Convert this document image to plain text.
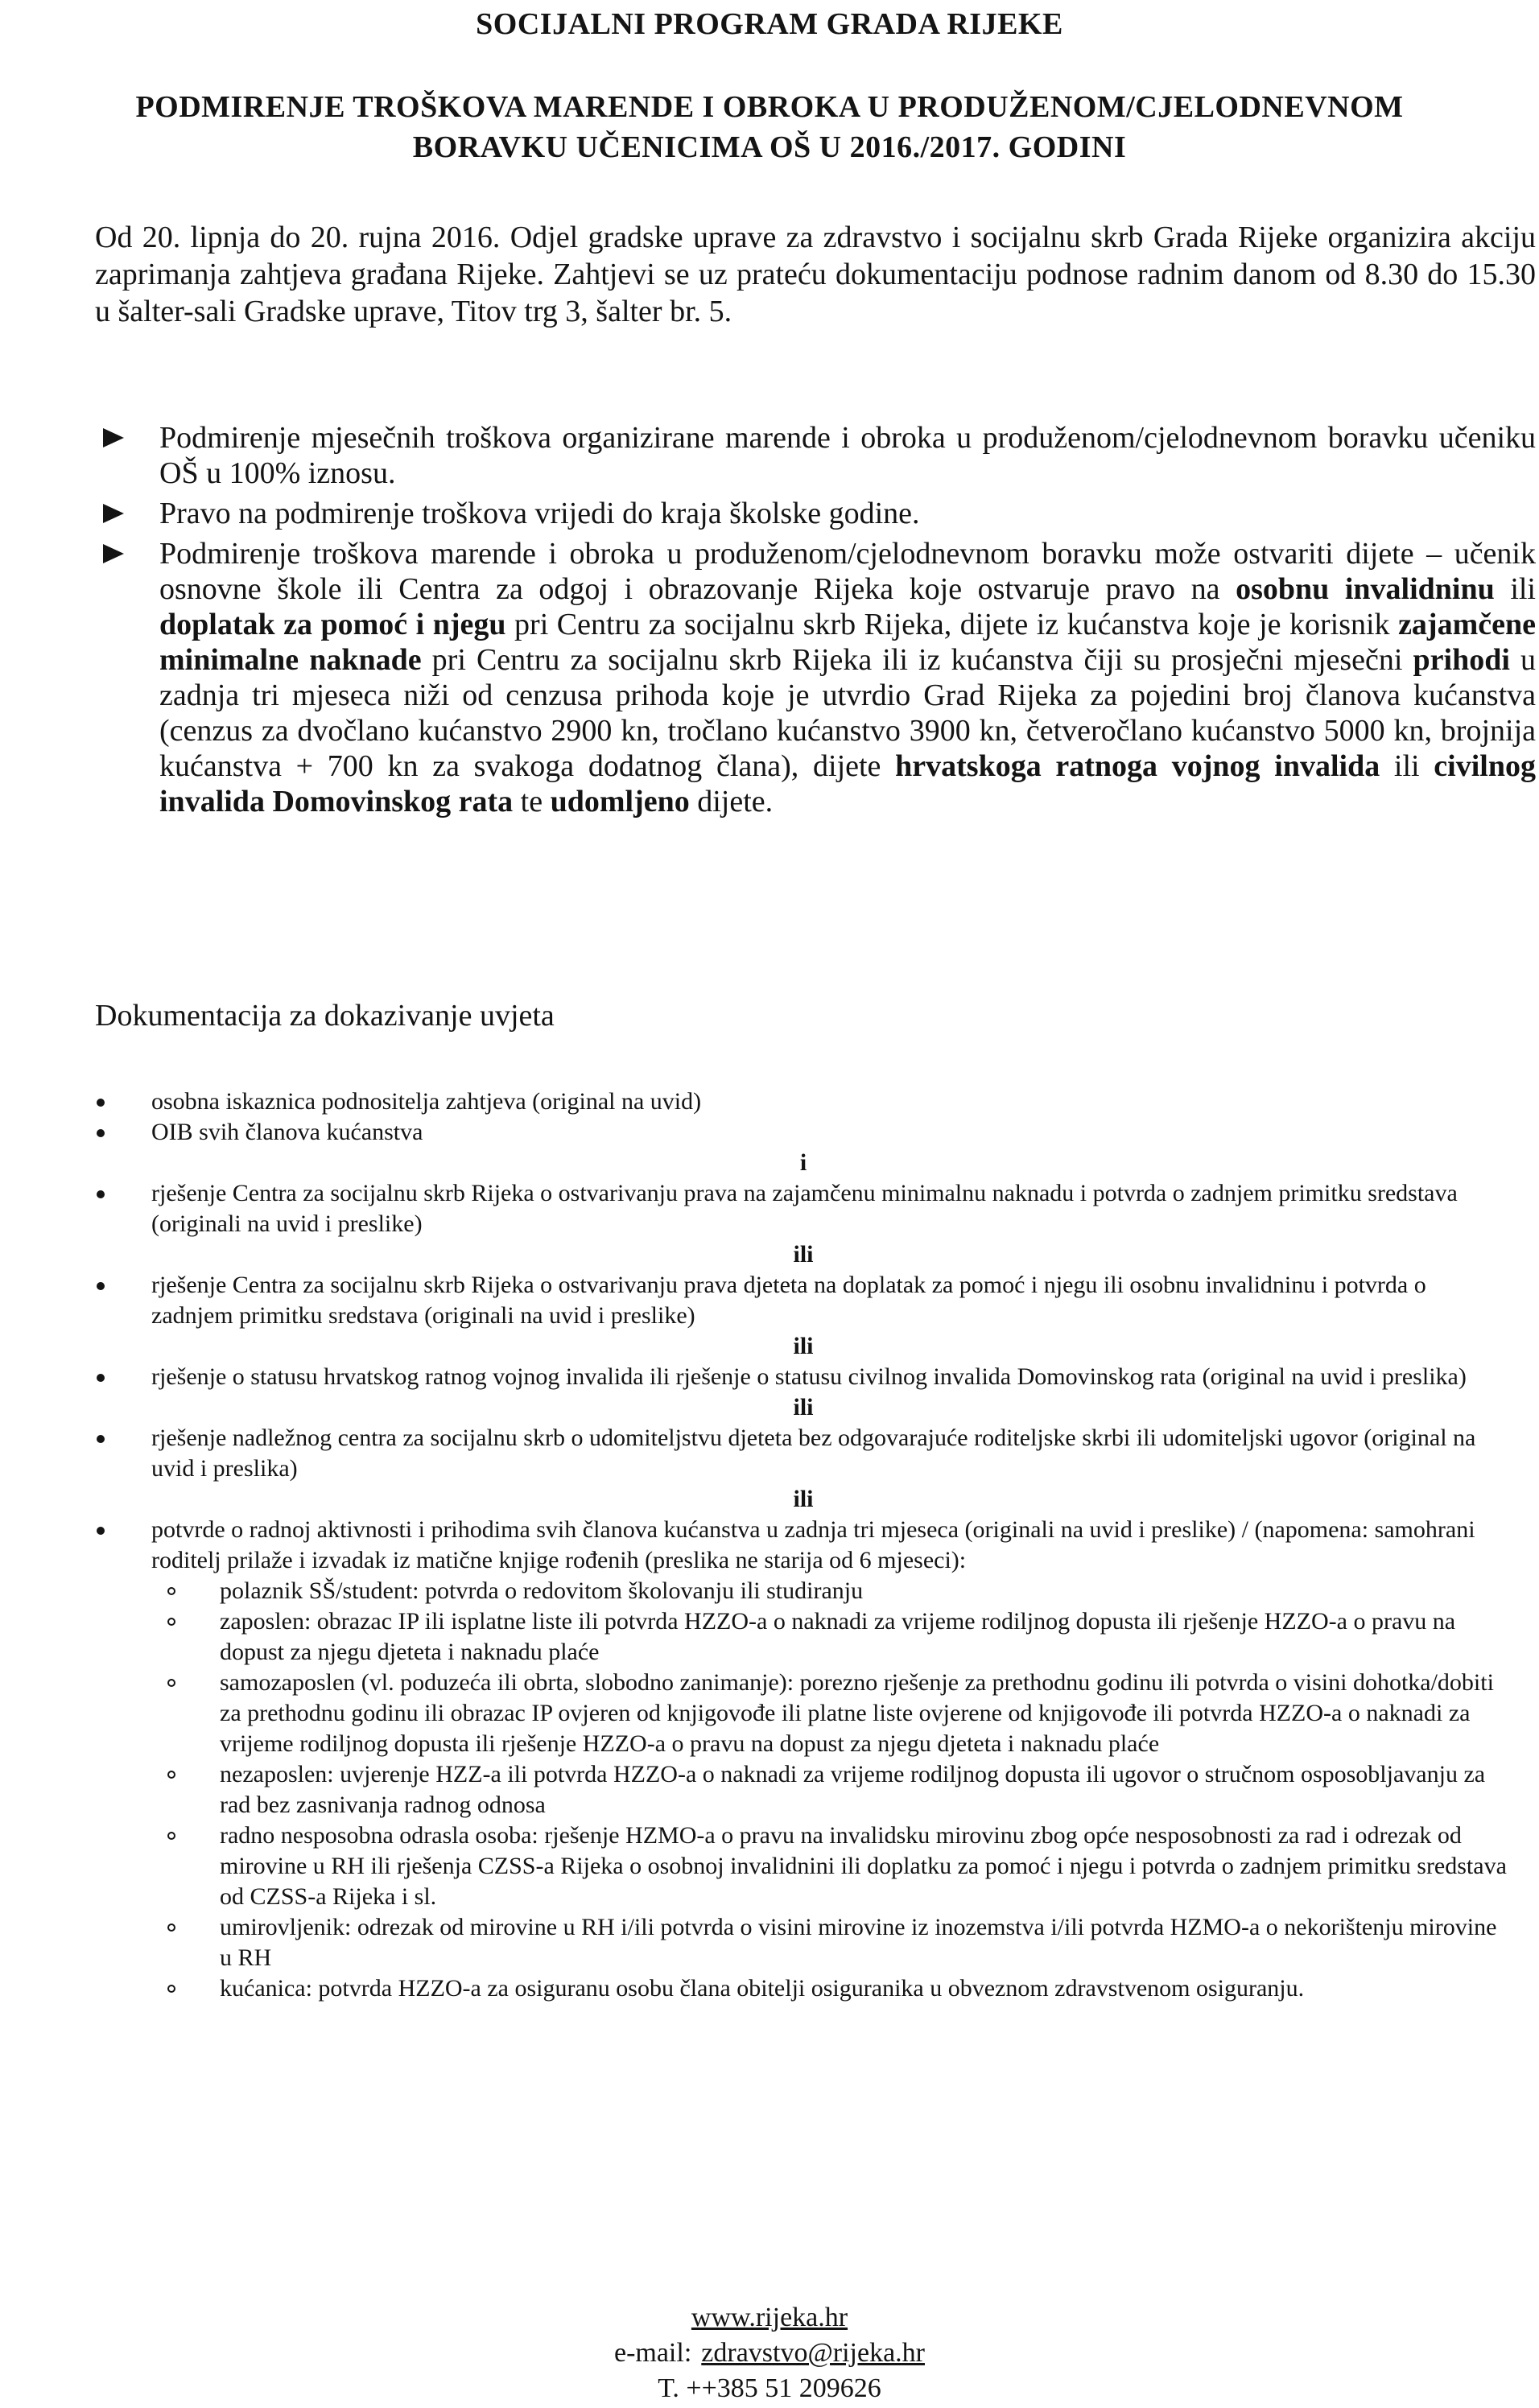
SOCIJALNI PROGRAM GRADA RIJEKE
PODMIRENJE TROŠKOVA MARENDE I OBROKA U PRODUŽENOM/CJELODNEVNOM
BORAVKU UČENICIMA OŠ U 2016./2017. GODINI
Od 20. lipnja do 20. rujna 2016. Odjel gradske uprave za zdravstvo i socijalnu skrb Grada Rijeke organizira akciju zaprimanja zahtjeva građana Rijeke. Zahtjevi se uz prateću dokumentaciju podnose radnim danom od 8.30 do 15.30 u šalter-sali Gradske uprave, Titov trg 3, šalter br. 5.
Podmirenje mjesečnih troškova organizirane marende i obroka u produženom/cjelodnevnom boravku učeniku OŠ u 100% iznosu.
Pravo na podmirenje troškova vrijedi do kraja školske godine.
Podmirenje troškova marende i obroka u produženom/cjelodnevnom boravku može ostvariti dijete – učenik osnovne škole ili Centra za odgoj i obrazovanje Rijeka koje ostvaruje pravo na osobnu invalidninu ili doplatak za pomoć i njegu pri Centru za socijalnu skrb Rijeka, dijete iz kućanstva koje je korisnik zajamčene minimalne naknade pri Centru za socijalnu skrb Rijeka ili iz kućanstva čiji su prosječni mjesečni prihodi u zadnja tri mjeseca niži od cenzusa prihoda koje je utvrdio Grad Rijeka za pojedini broj članova kućanstva (cenzus za dvočlano kućanstvo 2900 kn, tročlano kućanstvo 3900 kn, četveročlano kućanstvo 5000 kn, brojnija kućanstva + 700 kn za svakoga dodatnog člana), dijete hrvatskoga ratnoga vojnog invalida ili civilnog invalida Domovinskog rata te udomljeno dijete.
Dokumentacija za dokazivanje uvjeta
osobna iskaznica podnositelja zahtjeva (original na uvid)
OIB svih članova kućanstva
i
rješenje Centra za socijalnu skrb Rijeka o ostvarivanju prava na zajamčenu minimalnu naknadu i potvrda o zadnjem primitku sredstava (originali na uvid i preslike)
ili
rješenje Centra za socijalnu skrb Rijeka o ostvarivanju prava djeteta na doplatak za pomoć i njegu ili osobnu invalidninu i potvrda o zadnjem primitku sredstava (originali na uvid i preslike)
ili
rješenje o statusu hrvatskog ratnog vojnog invalida ili rješenje o statusu civilnog invalida Domovinskog rata (original na uvid i preslika)
ili
rješenje nadležnog centra za socijalnu skrb o udomiteljstvu djeteta bez odgovarajuće roditeljske skrbi ili udomiteljski ugovor (original na uvid i preslika)
ili
potvrde o radnoj aktivnosti i prihodima svih članova kućanstva u zadnja tri mjeseca (originali na uvid i preslike) / (napomena: samohrani roditelj prilaže i izvadak iz matične knjige rođenih (preslika ne starija od 6 mjeseci):
polaznik SŠ/student: potvrda o redovitom školovanju ili studiranju
zaposlen: obrazac IP ili isplatne liste ili potvrda HZZO-a o naknadi za vrijeme rodiljnog dopusta ili rješenje HZZO-a o pravu na dopust za njegu djeteta i naknadu plaće
samozaposlen (vl. poduzeća ili obrta, slobodno zanimanje): porezno rješenje za prethodnu godinu ili potvrda o visini dohotka/dobiti za prethodnu godinu ili obrazac IP ovjeren od knjigovođe ili platne liste ovjerene od knjigovođe ili potvrda HZZO-a o naknadi za vrijeme rodiljnog dopusta ili rješenje HZZO-a o pravu na dopust za njegu djeteta i naknadu plaće
nezaposlen: uvjerenje HZZ-a ili potvrda HZZO-a o naknadi za vrijeme rodiljnog dopusta ili ugovor o stručnom osposobljavanju za rad bez zasnivanja radnog odnosa
radno nesposobna odrasla osoba: rješenje HZMO-a o pravu na invalidsku mirovinu zbog opće nesposobnosti za rad i odrezak od mirovine u RH ili rješenja CZSS-a Rijeka o osobnoj invalidnini ili doplatku za pomoć i njegu i potvrda o zadnjem primitku sredstava od CZSS-a Rijeka i sl.
umirovljenik: odrezak od mirovine u RH i/ili potvrda o visini mirovine iz inozemstva i/ili potvrda HZMO-a o nekorištenju mirovine u RH
kućanica: potvrda HZZO-a za osiguranu osobu člana obitelji osiguranika u obveznom zdravstvenom osiguranju.
www.rijeka.hr
e-mail: zdravstvo@rijeka.hr
T. ++385 51 209626
